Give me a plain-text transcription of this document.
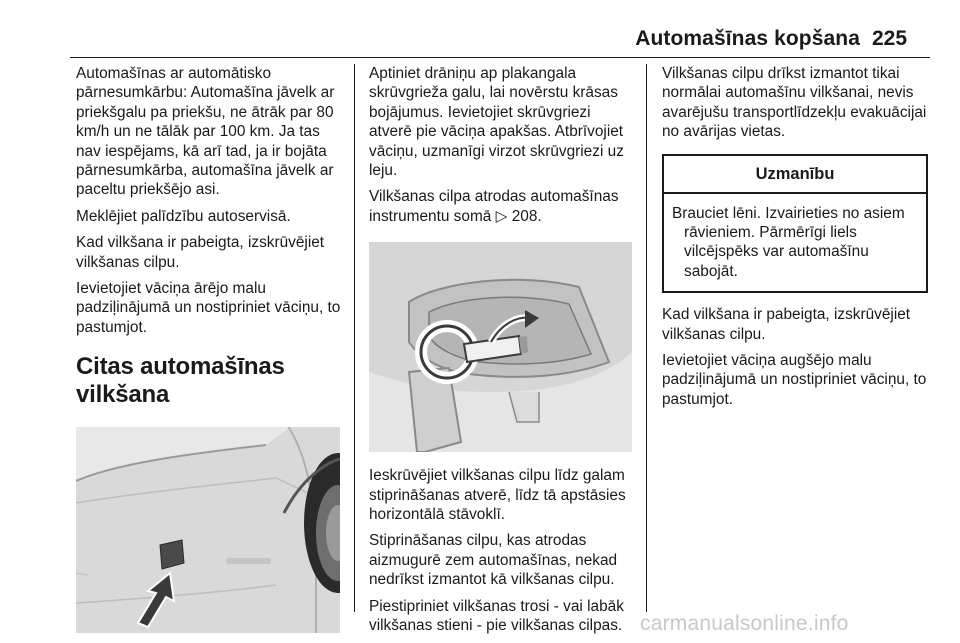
Automašīnas kopšana 225

Automašīnas ar automātisko pārnesumkārbu: Automašīna jāvelk ar priekšgalu pa priekšu, ne ātrāk par 80 km/h un ne tālāk par 100 km. Ja tas nav iespējams, kā arī tad, ja ir bojāta pārnesumkārba, automašīna jāvelk ar paceltu priekšējo asi.

Meklējiet palīdzību autoservisā.

Kad vilkšana ir pabeigta, izskrūvējiet vilkšanas cilpu.

Ievietojiet vāciņa ārējo malu padziļinājumā un nostipriniet vāciņu, to pastumjot.

Citas automašīnas vilkšana

Aptiniet drāniņu ap plakangala skrūvgrieža galu, lai novērstu krāsas bojājumus. Ievietojiet skrūvgriezi atverē pie vāciņa apakšas. Atbrīvojiet vāciņu, uzmanīgi virzot skrūvgriezi uz leju.

Vilkšanas cilpa atrodas automašīnas instrumentu somā ▷ 208.

Ieskrūvējiet vilkšanas cilpu līdz galam stiprināšanas atverē, līdz tā apstāsies horizontālā stāvoklī.

Stiprināšanas cilpu, kas atrodas aizmugurē zem automašīnas, nekad nedrīkst izmantot kā vilkšanas cilpu.

Piestipriniet vilkšanas trosi - vai labāk vilkšanas stieni - pie vilkšanas cilpas.

Vilkšanas cilpu drīkst izmantot tikai normālai automašīnu vilkšanai, nevis avarējušu transportlīdzekļu evakuācijai no avārijas vietas.

Uzmanību
Brauciet lēni. Izvairieties no asiem
rāvieniem. Pārmērīgi liels vilcējspēks var automašīnu sabojāt.

Kad vilkšana ir pabeigta, izskrūvējiet vilkšanas cilpu.

Ievietojiet vāciņa augšējo malu padziļinājumā un nostipriniet vāciņu, to pastumjot.

carmanualsonline.info
